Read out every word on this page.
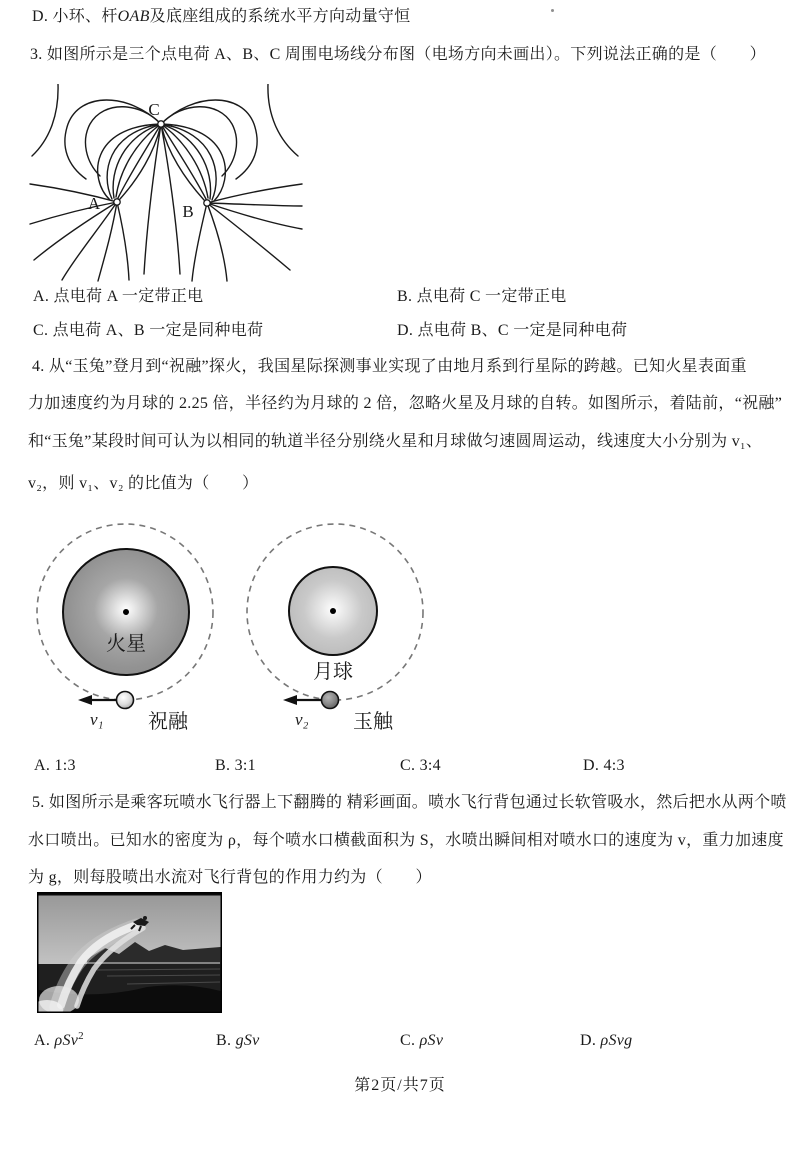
D. 小环、杆OAB及底座组成的系统水平方向动量守恒
3. 如图所示是三个点电荷 A、B、C 周围电场线分布图（电场方向未画出）。下列说法正确的是（　　）
C
A	B
A. 点电荷 A 一定带正电	B. 点电荷 C 一定带正电
C. 点电荷 A、B 一定是同种电荷	D. 点电荷 B、C 一定是同种电荷
4. 从“玉兔”登月到“祝融”探火，我国星际探测事业实现了由地月系到行星际的跨越。已知火星表面重
力加速度约为月球的 2.25 倍，半径约为月球的 2 倍，忽略火星及月球的自转。如图所示，着陆前，“祝融”
和“玉兔”某段时间可认为以相同的轨道半径分别绕火星和月球做匀速圆周运动，线速度大小分别为 v₁、
v₂，则 v₁、v₂ 的比值为（　　）
火星
v₁ 祝融
月球
v₂ 玉触
A. 1:3	B. 3:1	C. 3:4	D. 4:3
5. 如图所示是乘客玩喷水飞行器上下翻腾的 精彩画面。喷水飞行背包通过长软管吸水，然后把水从两个喷
水口喷出。已知水的密度为 ρ，每个喷水口横截面积为 S，水喷出瞬间相对喷水口的速度为 v，重力加速度
为 g，则每股喷出水流对飞行背包的作用力约为（　　）
A. ρSv$^2$	B. gSv	C. ρSv	D. ρSvg
第2页/共7页
